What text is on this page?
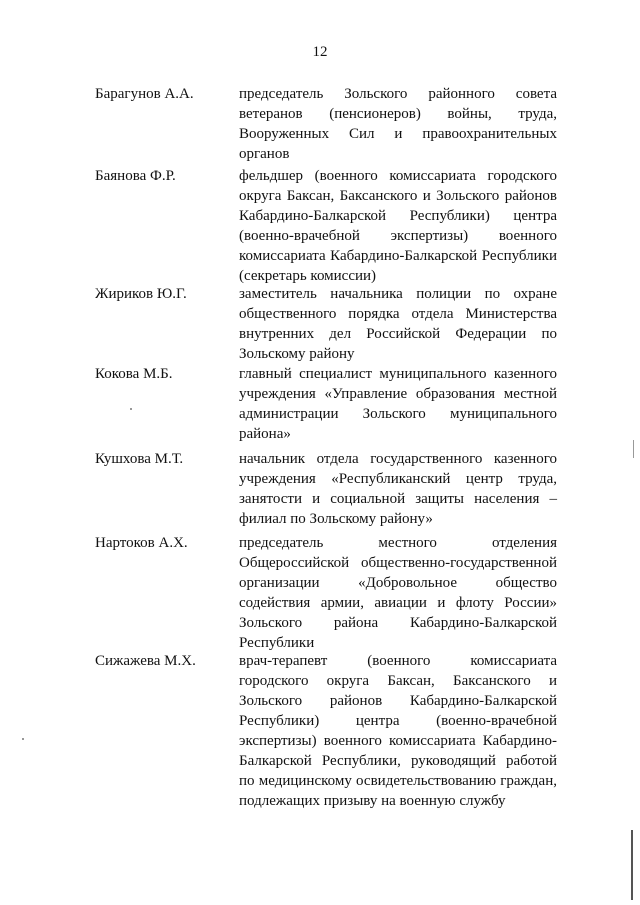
12
Барагунов А.А.	председатель Зольского районного совета ветеранов (пенсионеров) войны, труда, Вооруженных Сил и правоохранительных органов
Баянова Ф.Р.	фельдшер (военного комиссариата городского округа Баксан, Баксанского и Зольского районов Кабардино-Балкарской Республики) центра (военно-врачебной экспертизы) военного комиссариата Кабардино-Балкарской Республики (секретарь комиссии)
Жириков Ю.Г.	заместитель начальника полиции по охране общественного порядка отдела Министерства внутренних дел Российской Федерации по Зольскому району
Кокова М.Б.	главный специалист муниципального казенного учреждения «Управление образования местной администрации Зольского муниципального района»
Кушхова М.Т.	начальник отдела государственного казенного учреждения «Республиканский центр труда, занятости и социальной защиты населения – филиал по Зольскому району»
Нартоков А.Х.	председатель местного отделения Общероссийской общественно-государственной организации «Добровольное общество содействия армии, авиации и флоту России» Зольского района Кабардино-Балкарской Республики
Сижажева М.Х.	врач-терапевт (военного комиссариата городского округа Баксан, Баксанского и Зольского районов Кабардино-Балкарской Республики) центра (военно-врачебной экспертизы) военного комиссариата Кабардино-Балкарской Республики, руководящий работой по медицинскому освидетельствованию граждан, подлежащих призыву на военную службу
